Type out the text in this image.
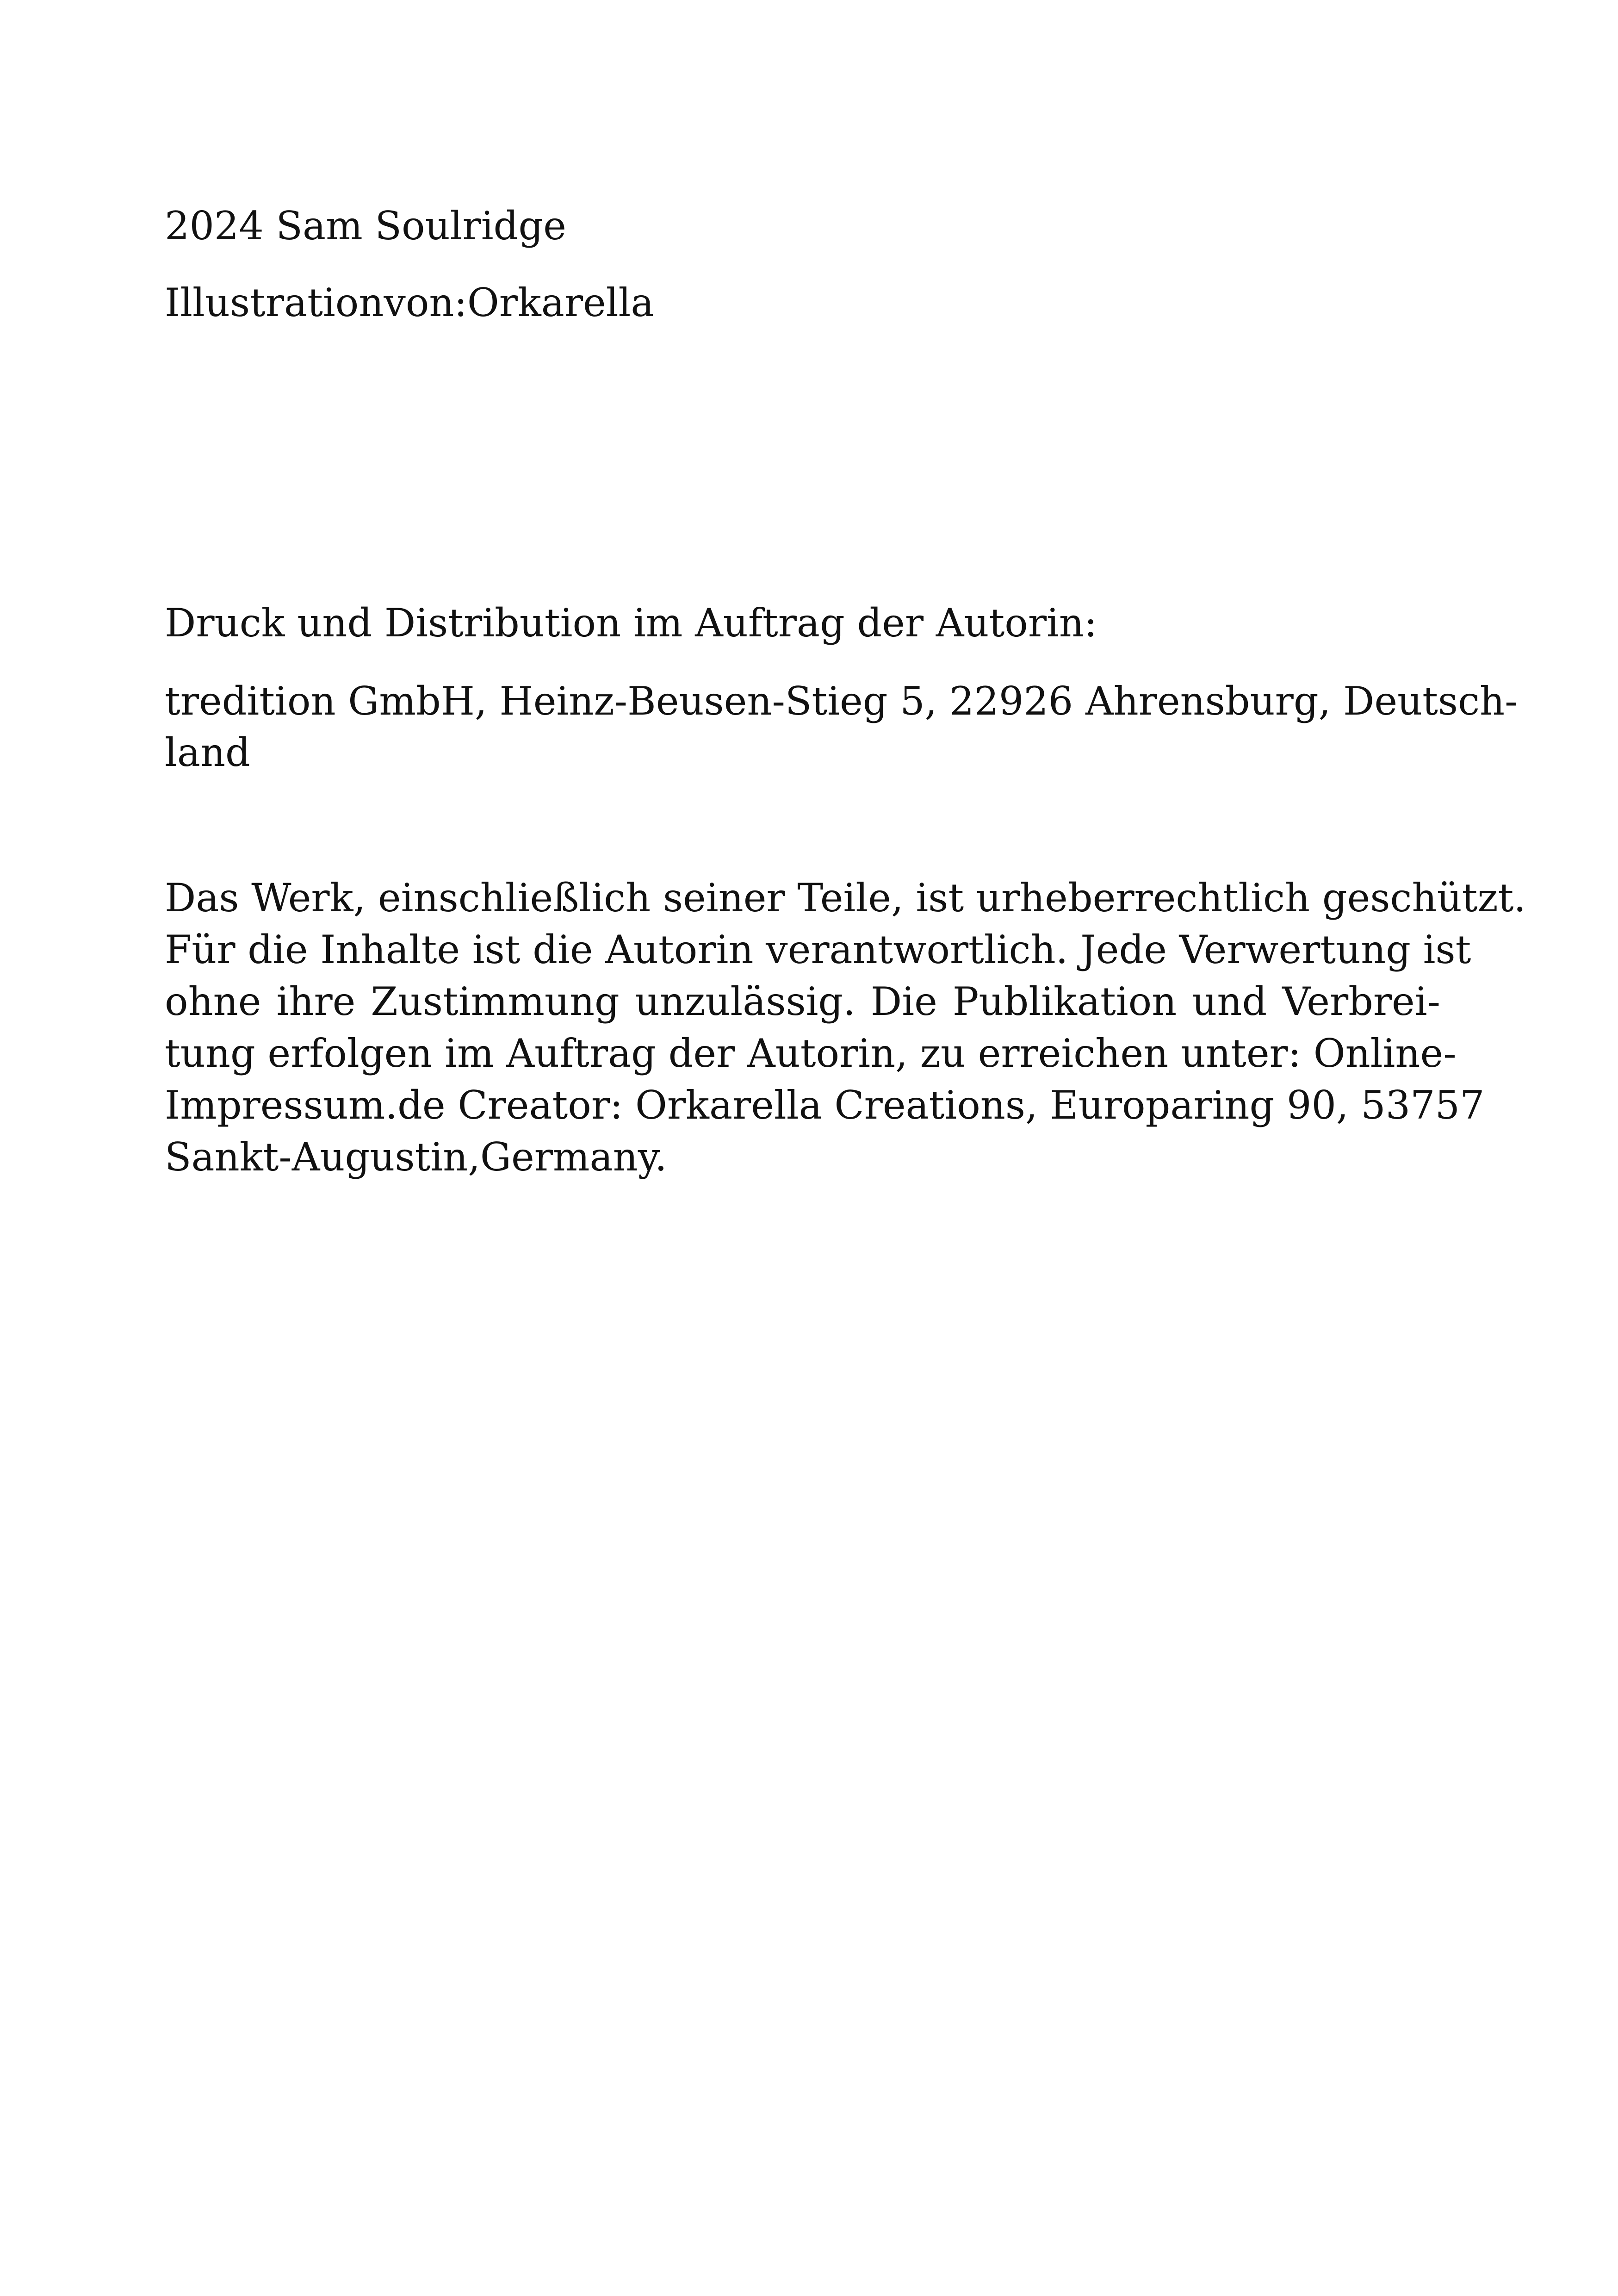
2024 Sam Soulridge

Illustrationvon:Orkarella

Druck und Distribution im Auftrag der Autorin:

tredition GmbH, Heinz-Beusen-Stieg 5, 22926 Ahrensburg, Deutsch-

land

Das Werk, einschließlich seiner Teile, ist urheberrechtlich geschützt.
Für die Inhalte ist die Autorin verantwortlich. Jede Verwertung ist
ohne ihre Zustimmung unzulässig. Die Publikation und Verbrei-
tung erfolgen im Auftrag der Autorin, zu erreichen unter: Online-
Impressum.de Creator: Orkarella Creations, Europaring 90, 53757
Sankt-Augustin,Germany.
